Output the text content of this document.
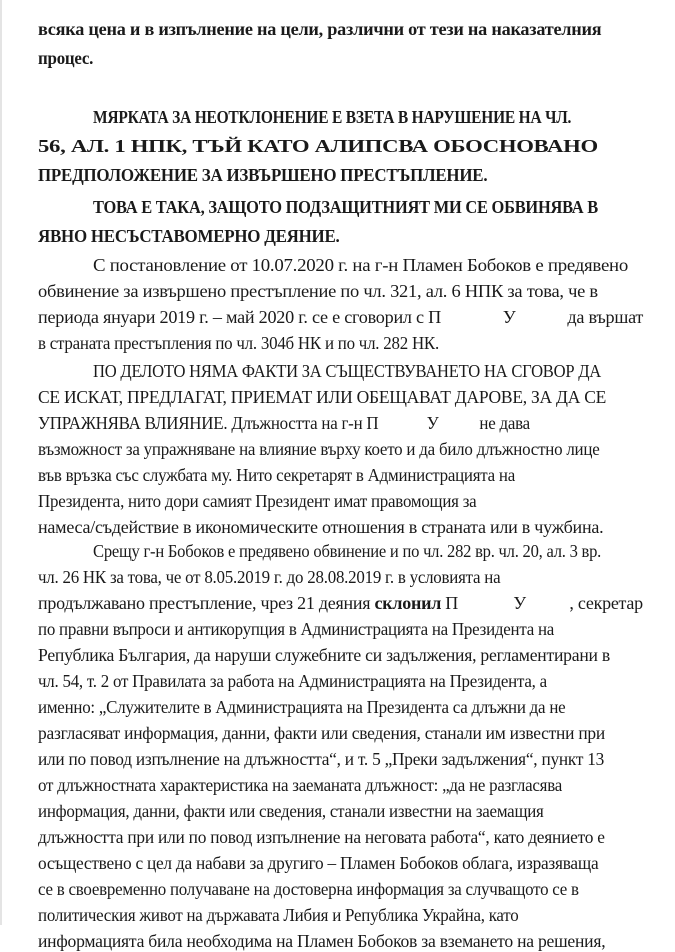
всяка цена и в изпълнение на цели, различни от тези на наказателния
процес.
МЯРКАТА ЗА НЕОТКЛОНЕНИЕ Е ВЗЕТА В НАРУШЕНИЕ НА ЧЛ.
56, АЛ. 1 НПК, ТЪЙ КАТО АЛИПСВА ОБОСНОВАНО
ПРЕДПОЛОЖЕНИЕ ЗА ИЗВЪРШЕНО ПРЕСТЪПЛЕНИЕ.
ТОВА Е ТАКА, ЗАЩОТО ПОДЗАЩИТНИЯТ МИ СЕ ОБВИНЯВА В
ЯВНО НЕСЪСТАВОМЕРНО ДЕЯНИЕ.
С постановление от 10.07.2020 г. на г-н Пламен Бобоков е предявено
обвинение за извършено престъпление по чл. 321, ал. 6 НПК за това, че в
периода януари 2019 г. – май 2020 г. се е сговорил с П	У	да вършат
в страната престъпления по чл. 304б НК и по чл. 282 НК.
ПО ДЕЛОТО НЯМА ФАКТИ ЗА СЪЩЕСТВУВАНЕТО НА СГОВОР ДА
СЕ ИСКАТ, ПРЕДЛАГАТ, ПРИЕМАТ ИЛИ ОБЕЩАВАТ ДАРОВЕ, ЗА ДА СЕ
УПРАЖНЯВА ВЛИЯНИЕ. Длъжността на г-н П	У не дава
възможност за упражняване на влияние върху което и да било длъжностно лице
във връзка със службата му. Нито секретарят в Администрацията на
Президента, нито дори самият Президент имат правомощия за
намеса/съдействие в икономическите отношения в страната или в чужбина.
Срещу г-н Бобоков е предявено обвинение и по чл. 282 вр. чл. 20, ал. 3 вр.
чл. 26 НК за това, че от 8.05.2019 г. до 28.08.2019 г. в условията на
продължавано престъпление, чрез 21 деяния склонил П	У , секретар
по правни въпроси и антикорупция в Администрацията на Президента на
Република България, да наруши служебните си задължения, регламентирани в
чл. 54, т. 2 от Правилата за работа на Администрацията на Президента, а
именно: „Служителите в Администрацията на Президента са длъжни да не
разгласяват информация, данни, факти или сведения, станали им известни при
или по повод изпълнение на длъжността“, и т. 5 „Преки задължения“, пункт 13
от длъжностната характеристика на заеманата длъжност: „да не разгласява
информация, данни, факти или сведения, станали известни на заемащия
длъжността при или по повод изпълнение на неговата работа“, като деянието е
осъществено с цел да набави за другиго – Пламен Бобоков облага, изразяваща
се в своевременно получаване на достоверна информация за случващото се в
политическия живот на държавата Либия и Република Украйна, като
информацията била необходима на Пламен Бобоков за вземането на решения,
